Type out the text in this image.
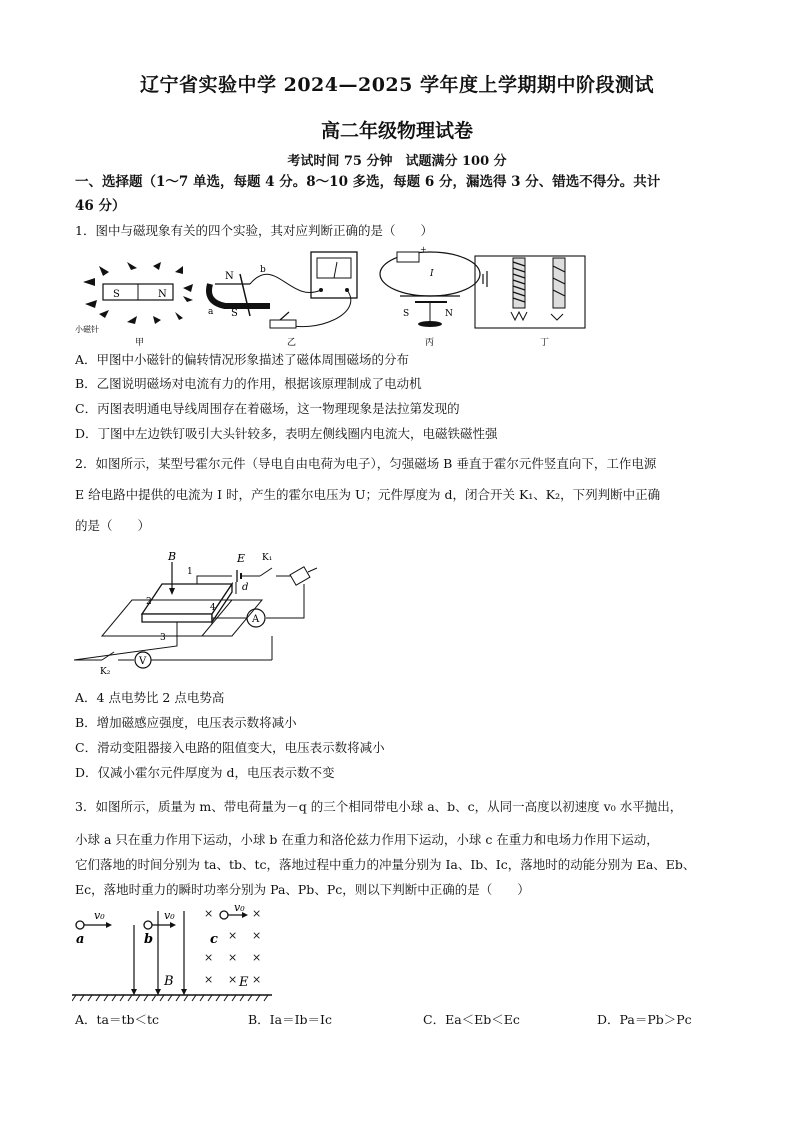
辽宁省实验中学 2024—2025 学年度上学期期中阶段测试
高二年级物理试卷
考试时间 75 分钟　试题满分 100 分
一、选择题（1～7 单选，每题 4 分。8～10 多选，每题 6 分，漏选得 3 分、错选不得分。共计
46 分）
1．图中与磁现象有关的四个实验，其对应判断正确的是（　　）
S	N
小磁针
甲
N
S
b
a
乙
+
I
S	N
丙	丁
A．甲图中小磁针的偏转情况形象描述了磁体周围磁场的分布
B．乙图说明磁场对电流有力的作用，根据该原理制成了电动机
C．丙图表明通电导线周围存在着磁场，这一物理现象是法拉第发现的
D．丁图中左边铁钉吸引大头针较多，表明左侧线圈内电流大，电磁铁磁性强
2．如图所示，某型号霍尔元件（导电自由电荷为电子），匀强磁场 B 垂直于霍尔元件竖直向下，工作电源
E 给电路中提供的电流为 I 时，产生的霍尔电压为 U；元件厚度为 d，闭合开关 K₁、K₂，下列判断中正确
的是（　　）
B
1
2
3
4
E K₁
A
d
K₂
V
A．4 点电势比 2 点电势高
B．增加磁感应强度，电压表示数将减小
C．滑动变阻器接入电路的阻值变大，电压表示数将减小
D．仅减小霍尔元件厚度为 d，电压表示数不变
3．如图所示，质量为 m、带电荷量为－q 的三个相同带电小球 a、b、c，从同一高度以初速度 v₀ 水平抛出，
小球 a 只在重力作用下运动，小球 b 在重力和洛伦兹力作用下运动，小球 c 在重力和电场力作用下运动，
它们落地的时间分别为 ta、tb、tc，落地过程中重力的冲量分别为 Ia、Ib、Ic，落地时的动能分别为 Ea、Eb、
Ec，落地时重力的瞬时功率分别为 Pa、Pb、Pc，则以下判断中正确的是（　　）
v₀
a
v₀
b
B
×	×
× ×
× × ×
× × ×
v₀
c
E
A．ta＝tb＜tc	B．Ia＝Ib＝Ic	C．Ea＜Eb＜Ec	D．Pa＝Pb＞Pc
